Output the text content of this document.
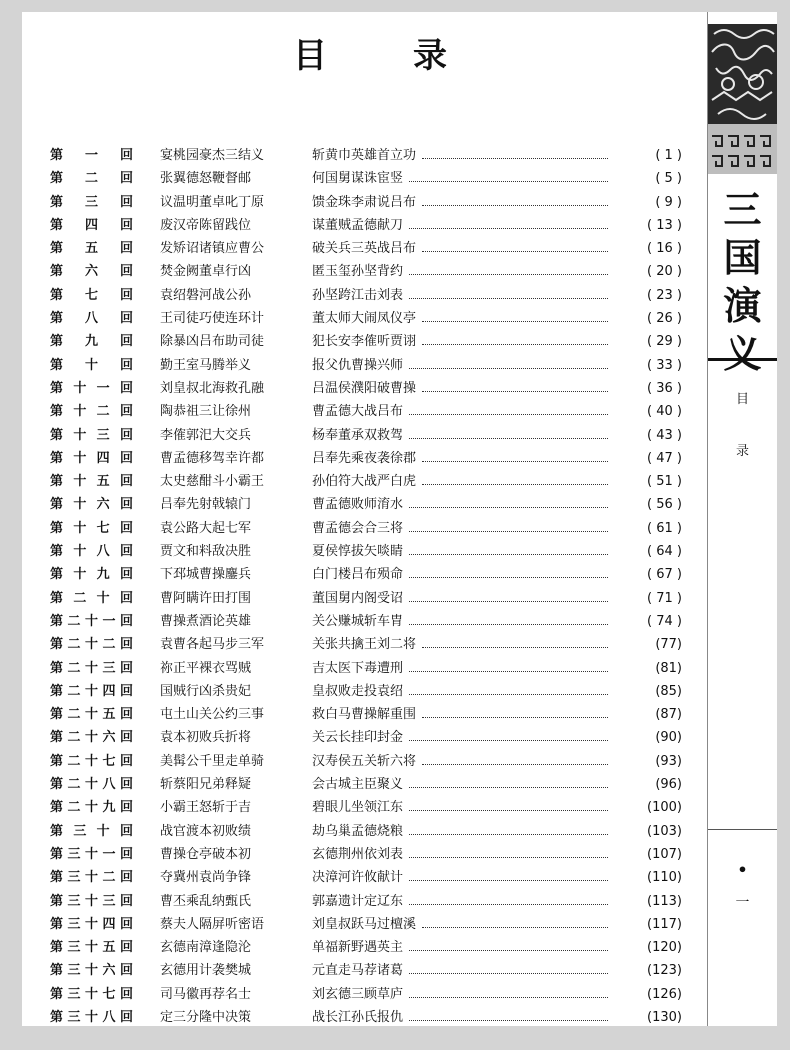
目	录
第 一 回 宴桃园豪杰三结义	斩黄巾英雄首立功	( 1 )
第 二 回 张翼德怒鞭督邮	何国舅谋诛宦竖	( 5 )
第 三 回 议温明董卓叱丁原	馈金珠李肃说吕布	( 9 )
第 四 回 废汉帝陈留践位	谋董贼孟德献刀	( 13 )
第 五 回 发矫诏诸镇应曹公	破关兵三英战吕布	( 16 )
第 六 回 焚金阙董卓行凶	匿玉玺孙坚背约	( 20 )
第 七 回 袁绍磐河战公孙	孙坚跨江击刘表	( 23 )
第 八 回 王司徒巧使连环计	董太师大闹凤仪亭	( 26 )
第 九 回 除暴凶吕布助司徒	犯长安李傕听贾诩	( 29 )
第 十 回 勤王室马腾举义	报父仇曹操兴师	( 33 )
第 十 一 回 刘皇叔北海救孔融	吕温侯濮阳破曹操	( 36 )
第 十 二 回 陶恭祖三让徐州	曹孟德大战吕布	( 40 )
第 十 三 回 李傕郭汜大交兵	杨奉董承双救驾	( 43 )
第 十 四 回 曹孟德移驾幸许都	吕奉先乘夜袭徐郡	( 47 )
第 十 五 回 太史慈酣斗小霸王	孙伯符大战严白虎	( 51 )
第 十 六 回 吕奉先射戟辕门	曹孟德败师淯水	( 56 )
第 十 七 回 袁公路大起七军	曹孟德会合三将	( 61 )
第 十 八 回 贾文和料敌决胜	夏侯惇拔矢啖睛	( 64 )
第 十 九 回 下邳城曹操鏖兵	白门楼吕布殒命	( 67 )
第 二 十 回 曹阿瞒许田打围	董国舅内阁受诏	( 71 )
第 二 十 一 回 曹操煮酒论英雄	关公赚城斩车胄	( 74 )
第 二 十 二 回 袁曹各起马步三军	关张共擒王刘二将	(77)
第 二 十 三 回 祢正平裸衣骂贼	吉太医下毒遭刑	(81)
第 二 十 四 回 国贼行凶杀贵妃	皇叔败走投袁绍	(85)
第 二 十 五 回 屯土山关公约三事	救白马曹操解重围	(87)
第 二 十 六 回 袁本初败兵折将	关云长挂印封金	(90)
第 二 十 七 回 美髯公千里走单骑	汉寿侯五关斩六将	(93)
第 二 十 八 回 斩蔡阳兄弟释疑	会古城主臣聚义	(96)
第 二 十 九 回 小霸王怒斩于吉	碧眼儿坐领江东	(100)
第 三 十 回 战官渡本初败绩	劫乌巢孟德烧粮	(103)
第 三 十 一 回 曹操仓亭破本初	玄德荆州依刘表	(107)
第 三 十 二 回 夺冀州袁尚争锋	决漳河许攸献计	(110)
第 三 十 三 回 曹丕乘乱纳甄氏	郭嘉遗计定辽东	(113)
第 三 十 四 回 蔡夫人隔屏听密语	刘皇叔跃马过檀溪	(117)
第 三 十 五 回 玄德南漳逢隐沦	单福新野遇英主	(120)
第 三 十 六 回 玄德用计袭樊城	元直走马荐诸葛	(123)
第 三 十 七 回 司马徽再荐名士	刘玄德三顾草庐	(126)
第 三 十 八 回 定三分隆中决策	战长江孙氏报仇	(130)
三
国
演
义
目
录
•
一
